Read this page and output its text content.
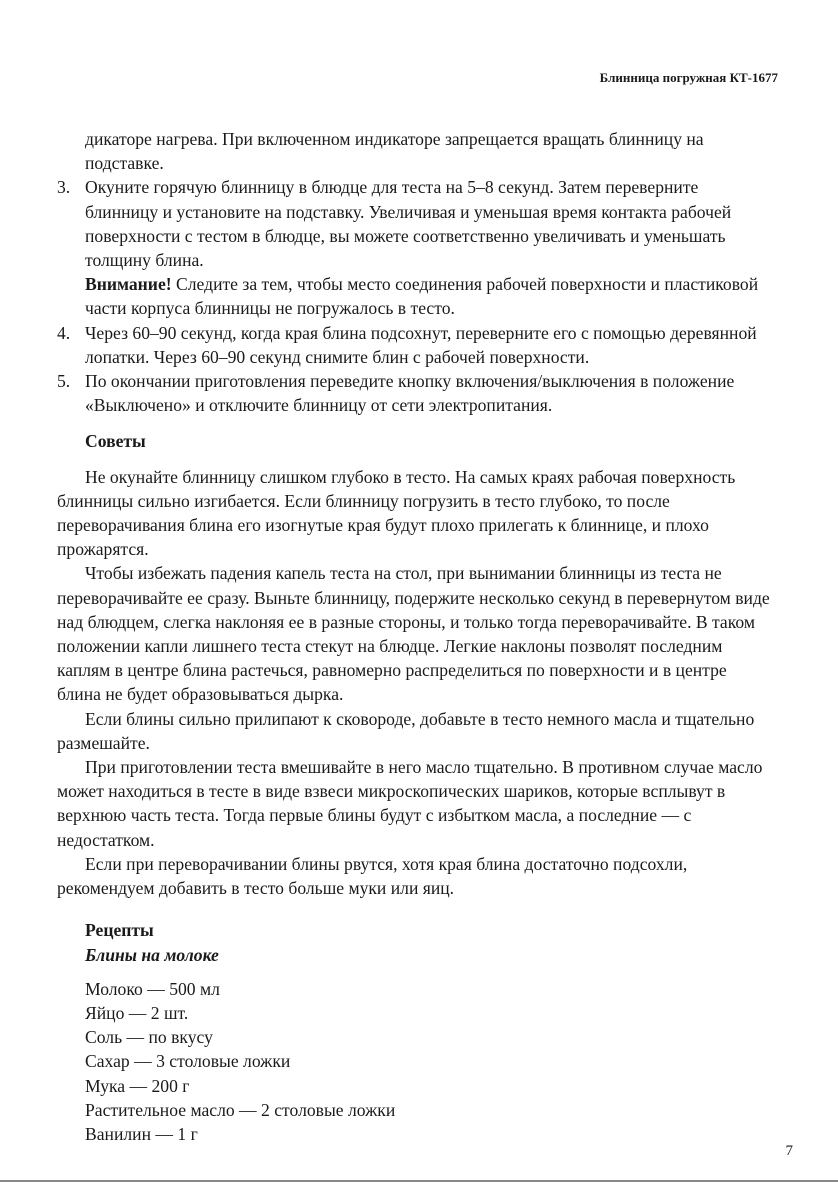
Блинница погружная КТ-1677

дикаторе нагрева. При включенном индикаторе запрещается вращать блинницу на подставке.

3. Окуните горячую блинницу в блюдце для теста на 5–8 секунд. Затем переверните блинницу и установите на подставку. Увеличивая и уменьшая время контакта рабочей поверхности с тестом в блюдце, вы можете соответственно увеличивать и уменьшать толщину блина.

Внимание! Следите за тем, чтобы место соединения рабочей поверхности и пластиковой части корпуса блинницы не погружалось в тесто.

4. Через 60–90 секунд, когда края блина подсохнут, переверните его с помощью деревянной лопатки. Через 60–90 секунд снимите блин с рабочей поверхности.
5. По окончании приготовления переведите кнопку включения/выключения в положение «Выключено» и отключите блинницу от сети электропитания.

Советы

Не окунайте блинницу слишком глубоко в тесто. На самых краях рабочая поверхность блинницы сильно изгибается. Если блинницу погрузить в тесто глубоко, то после переворачивания блина его изогнутые края будут плохо прилегать к блиннице, и плохо прожарятся.

Чтобы избежать падения капель теста на стол, при вынимании блинницы из теста не переворачивайте ее сразу. Выньте блинницу, подержите несколько секунд в перевернутом виде над блюдцем, слегка наклоняя ее в разные стороны, и только тогда переворачивайте. В таком положении капли лишнего теста стекут на блюдце. Легкие наклоны позволят последним каплям в центре блина растечься, равномерно распределиться по поверхности и в центре блина не будет образовываться дырка.

Если блины сильно прилипают к сковороде, добавьте в тесто немного масла и тщательно размешайте.

При приготовлении теста вмешивайте в него масло тщательно. В противном случае масло может находиться в тесте в виде взвеси микроскопических шариков, которые всплывут в верхнюю часть теста. Тогда первые блины будут с избытком масла, а последние — с недостатком.

Если при переворачивании блины рвутся, хотя края блина достаточно подсохли, рекомендуем добавить в тесто больше муки или яиц.

Рецепты

Блины на молоке

Молоко — 500 мл

Яйцо — 2 шт.

Соль — по вкусу

Сахар — 3 столовые ложки

Мука — 200 г

Растительное масло — 2 столовые ложки

Ванилин — 1 г

7
